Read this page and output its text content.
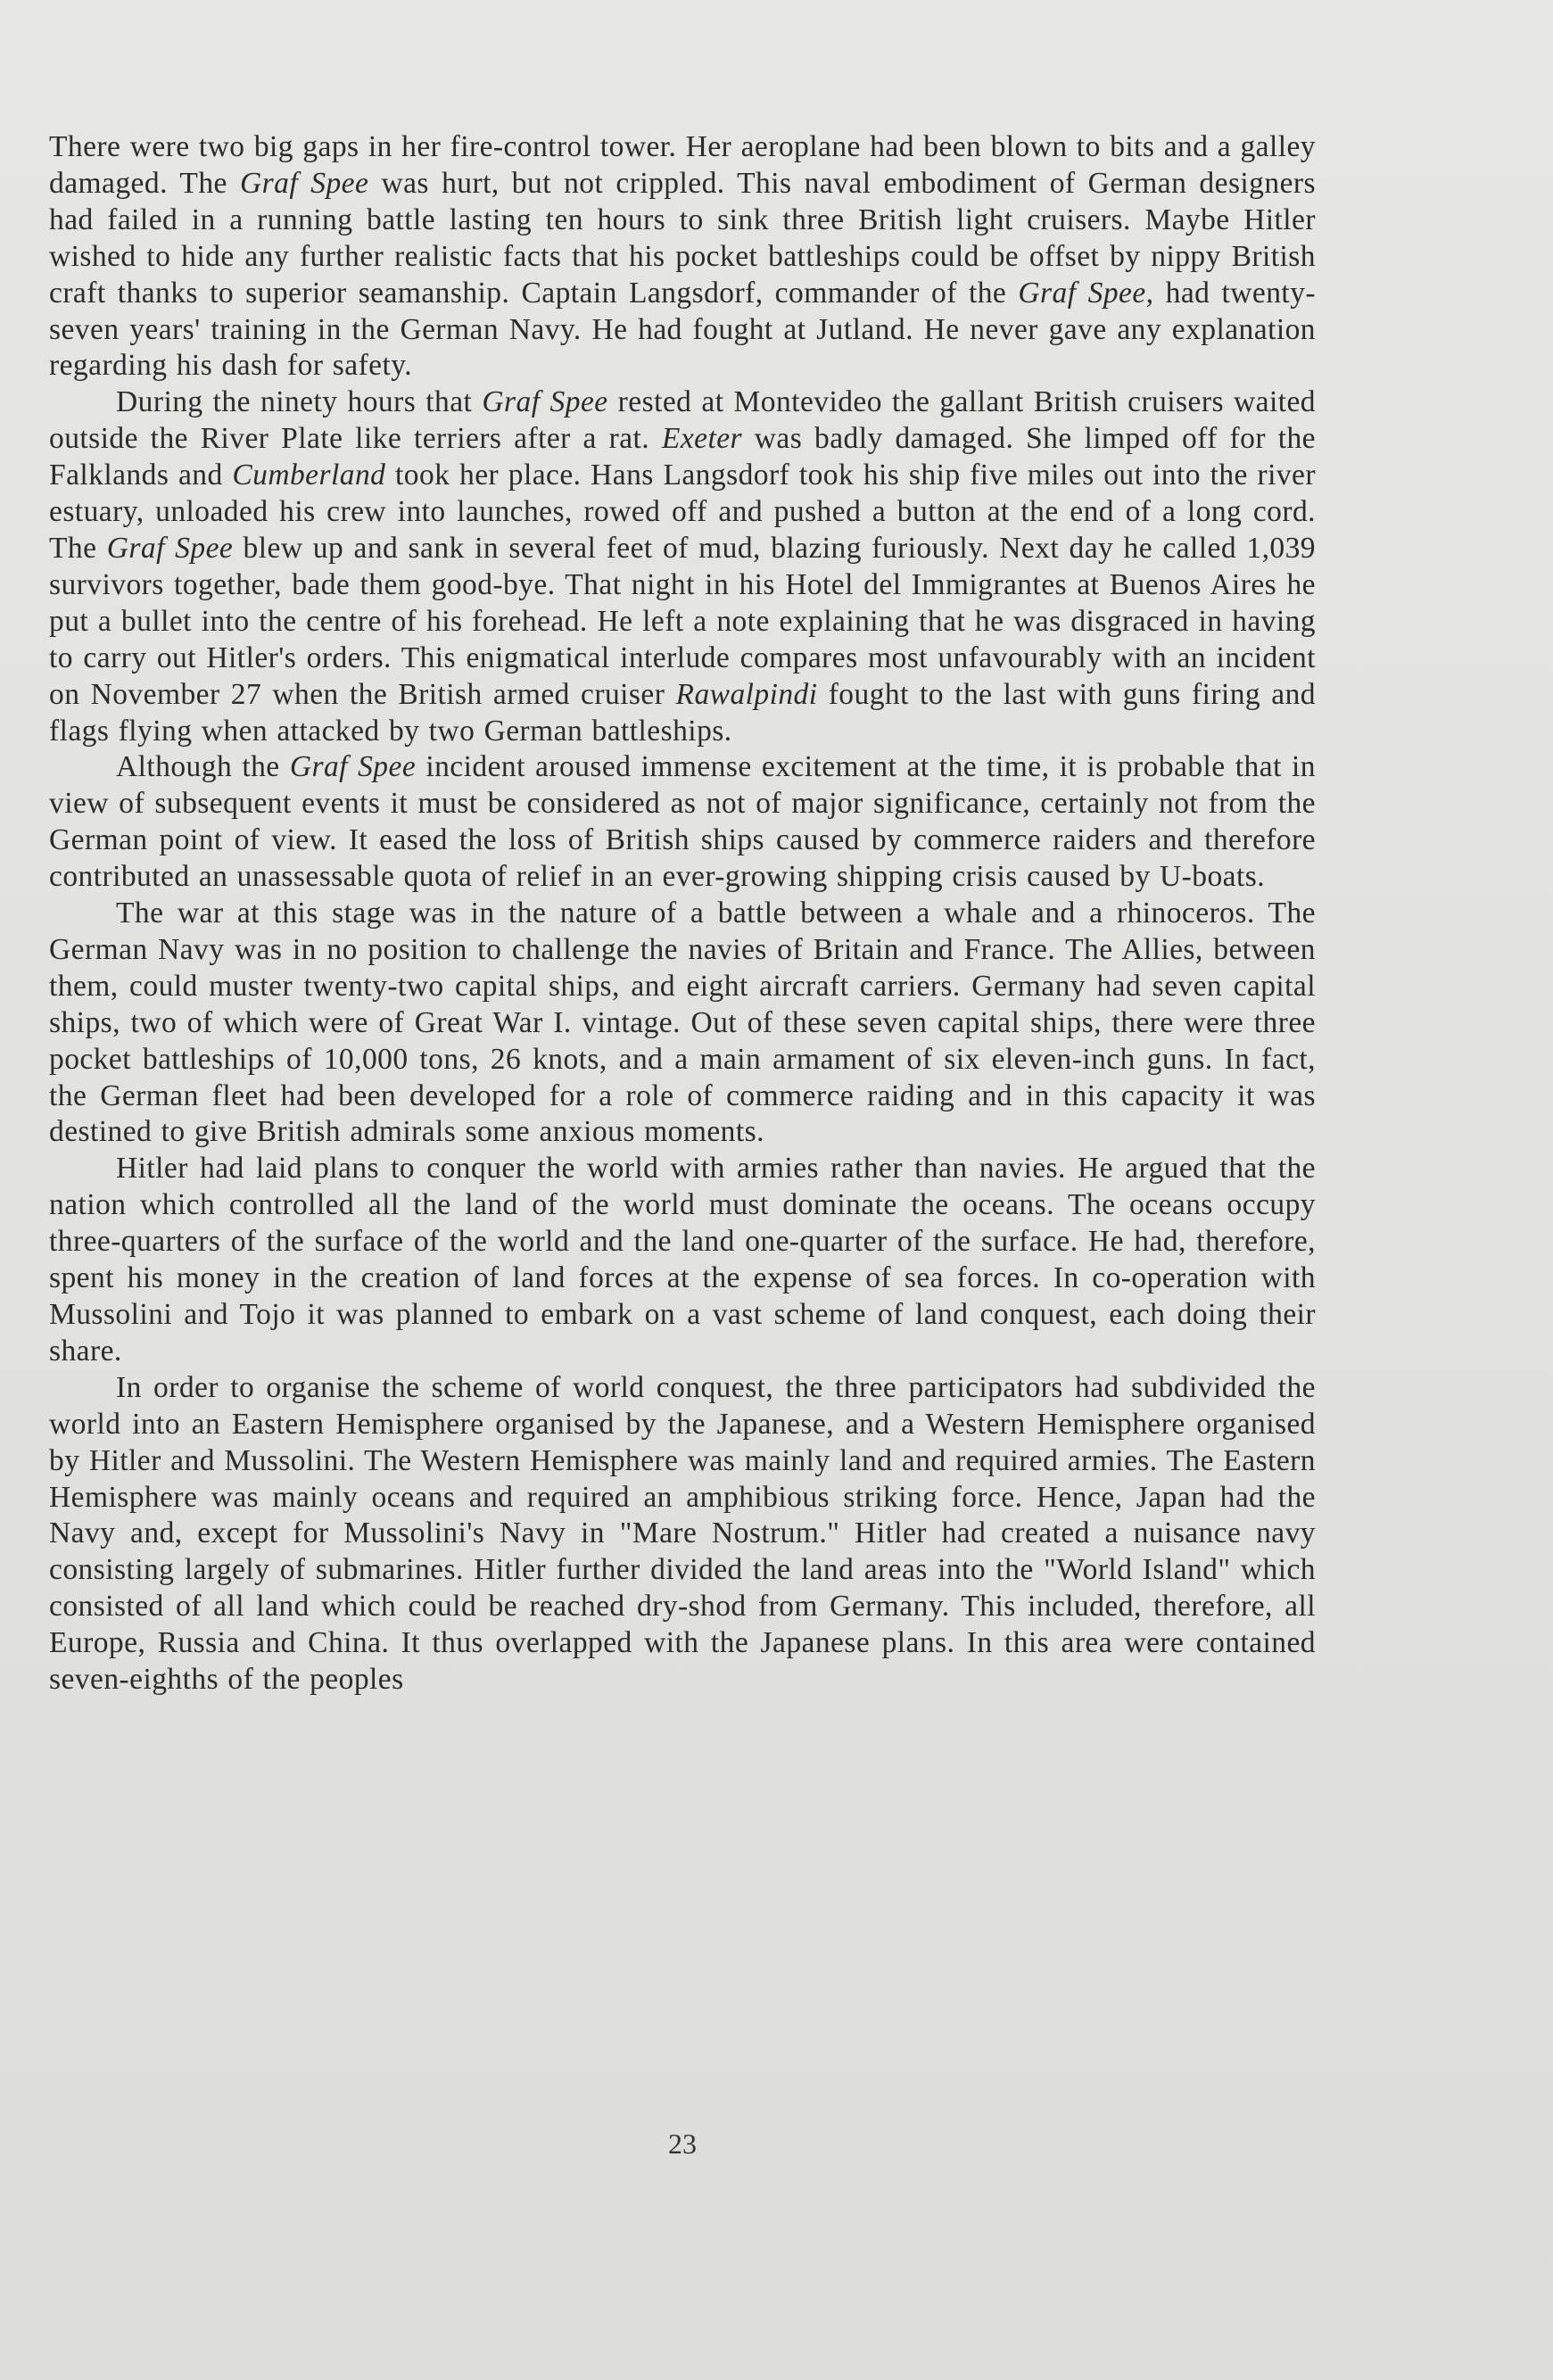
There were two big gaps in her fire-control tower. Her aeroplane had been blown to bits and a galley damaged. The Graf Spee was hurt, but not crippled. This naval embodiment of German designers had failed in a running battle lasting ten hours to sink three British light cruisers. Maybe Hitler wished to hide any further realistic facts that his pocket battleships could be offset by nippy British craft thanks to superior seamanship. Captain Langsdorf, commander of the Graf Spee, had twenty-seven years' training in the German Navy. He had fought at Jutland. He never gave any explanation regarding his dash for safety.

During the ninety hours that Graf Spee rested at Montevideo the gallant British cruisers waited outside the River Plate like terriers after a rat. Exeter was badly damaged. She limped off for the Falklands and Cumberland took her place. Hans Langsdorf took his ship five miles out into the river estuary, unloaded his crew into launches, rowed off and pushed a button at the end of a long cord. The Graf Spee blew up and sank in several feet of mud, blazing furiously. Next day he called 1,039 survivors together, bade them good-bye. That night in his Hotel del Immigrantes at Buenos Aires he put a bullet into the centre of his forehead. He left a note explaining that he was disgraced in having to carry out Hitler's orders. This enigmatical interlude compares most unfavourably with an incident on November 27 when the British armed cruiser Rawalpindi fought to the last with guns firing and flags flying when attacked by two German battleships.

Although the Graf Spee incident aroused immense excitement at the time, it is probable that in view of subsequent events it must be considered as not of major significance, certainly not from the German point of view. It eased the loss of British ships caused by commerce raiders and therefore contributed an unassessable quota of relief in an ever-growing shipping crisis caused by U-boats.

The war at this stage was in the nature of a battle between a whale and a rhinoceros. The German Navy was in no position to challenge the navies of Britain and France. The Allies, between them, could muster twenty-two capital ships, and eight aircraft carriers. Germany had seven capital ships, two of which were of Great War I. vintage. Out of these seven capital ships, there were three pocket battleships of 10,000 tons, 26 knots, and a main armament of six eleven-inch guns. In fact, the German fleet had been developed for a role of commerce raiding and in this capacity it was destined to give British admirals some anxious moments.

Hitler had laid plans to conquer the world with armies rather than navies. He argued that the nation which controlled all the land of the world must dominate the oceans. The oceans occupy three-quarters of the surface of the world and the land one-quarter of the surface. He had, therefore, spent his money in the creation of land forces at the expense of sea forces. In co-operation with Mussolini and Tojo it was planned to embark on a vast scheme of land conquest, each doing their share.

In order to organise the scheme of world conquest, the three participators had subdivided the world into an Eastern Hemisphere organised by the Japanese, and a Western Hemisphere organised by Hitler and Mussolini. The Western Hemisphere was mainly land and required armies. The Eastern Hemisphere was mainly oceans and required an amphibious striking force. Hence, Japan had the Navy and, except for Mussolini's Navy in "Mare Nostrum." Hitler had created a nuisance navy consisting largely of submarines. Hitler further divided the land areas into the "World Island" which consisted of all land which could be reached dry-shod from Germany. This included, therefore, all Europe, Russia and China. It thus overlapped with the Japanese plans. In this area were contained seven-eighths of the peoples

23
